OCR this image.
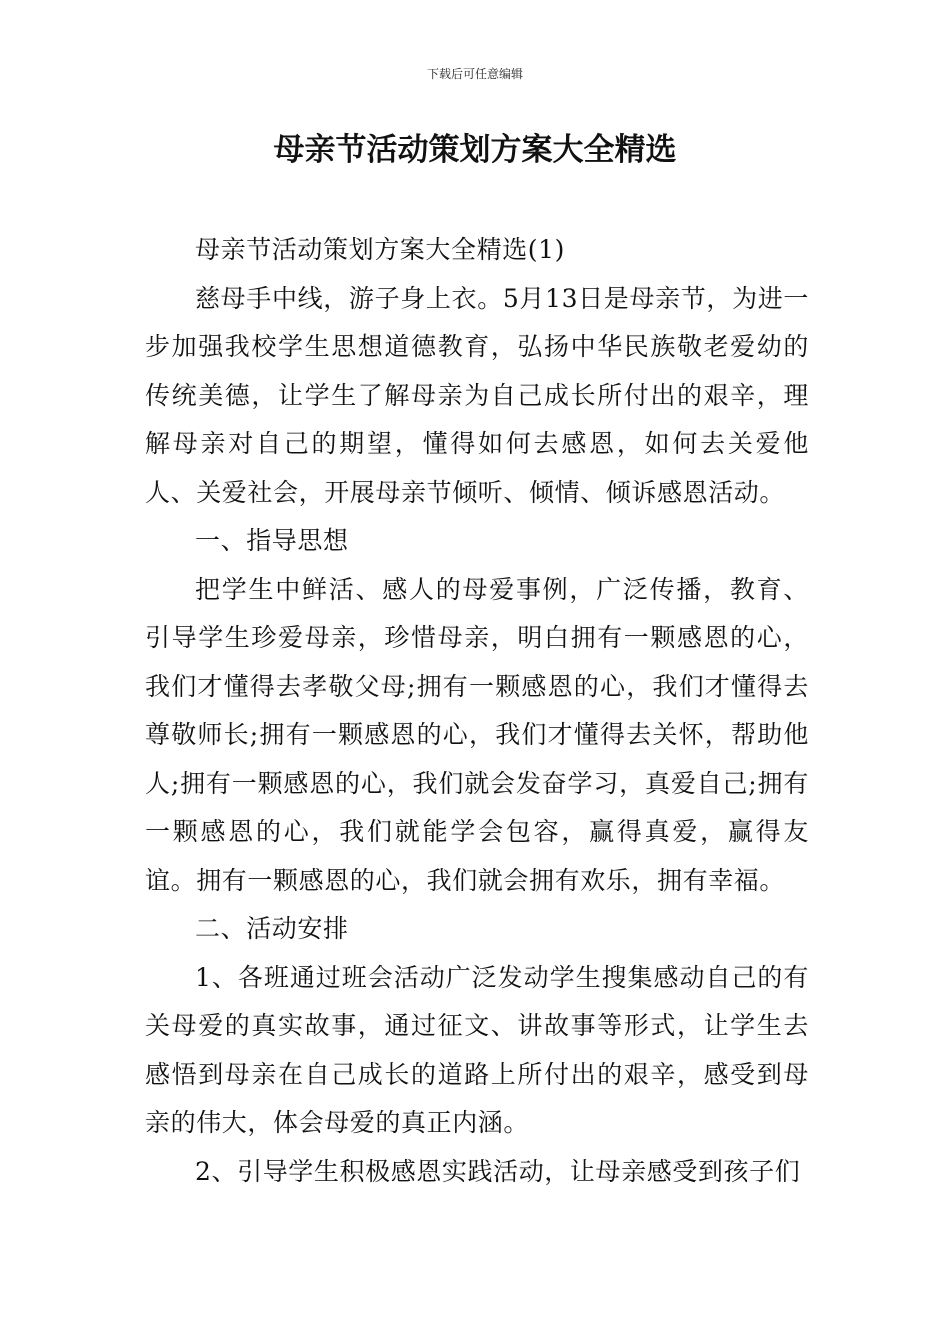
下载后可任意编辑
母亲节活动策划方案大全精选

母亲节活动策划方案大全精选(1)

慈母手中线，游子身上衣。5月13日是母亲节，为进一步加强我校学生思想道德教育，弘扬中华民族敬老爱幼的传统美德，让学生了解母亲为自己成长所付出的艰辛，理解母亲对自己的期望，懂得如何去感恩，如何去关爱他人、关爱社会，开展母亲节倾听、倾情、倾诉感恩活动。

一、指导思想

把学生中鲜活、感人的母爱事例，广泛传播，教育、引导学生珍爱母亲，珍惜母亲，明白拥有一颗感恩的心，我们才懂得去孝敬父母;拥有一颗感恩的心，我们才懂得去尊敬师长;拥有一颗感恩的心，我们才懂得去关怀，帮助他人;拥有一颗感恩的心，我们就会发奋学习，真爱自己;拥有一颗感恩的心，我们就能学会包容，赢得真爱，赢得友谊。拥有一颗感恩的心，我们就会拥有欢乐，拥有幸福。

二、活动安排

1、各班通过班会活动广泛发动学生搜集感动自己的有关母爱的真实故事，通过征文、讲故事等形式，让学生去感悟到母亲在自己成长的道路上所付出的艰辛，感受到母亲的伟大，体会母爱的真正内涵。

2、引导学生积极感恩实践活动，让母亲感受到孩子们
